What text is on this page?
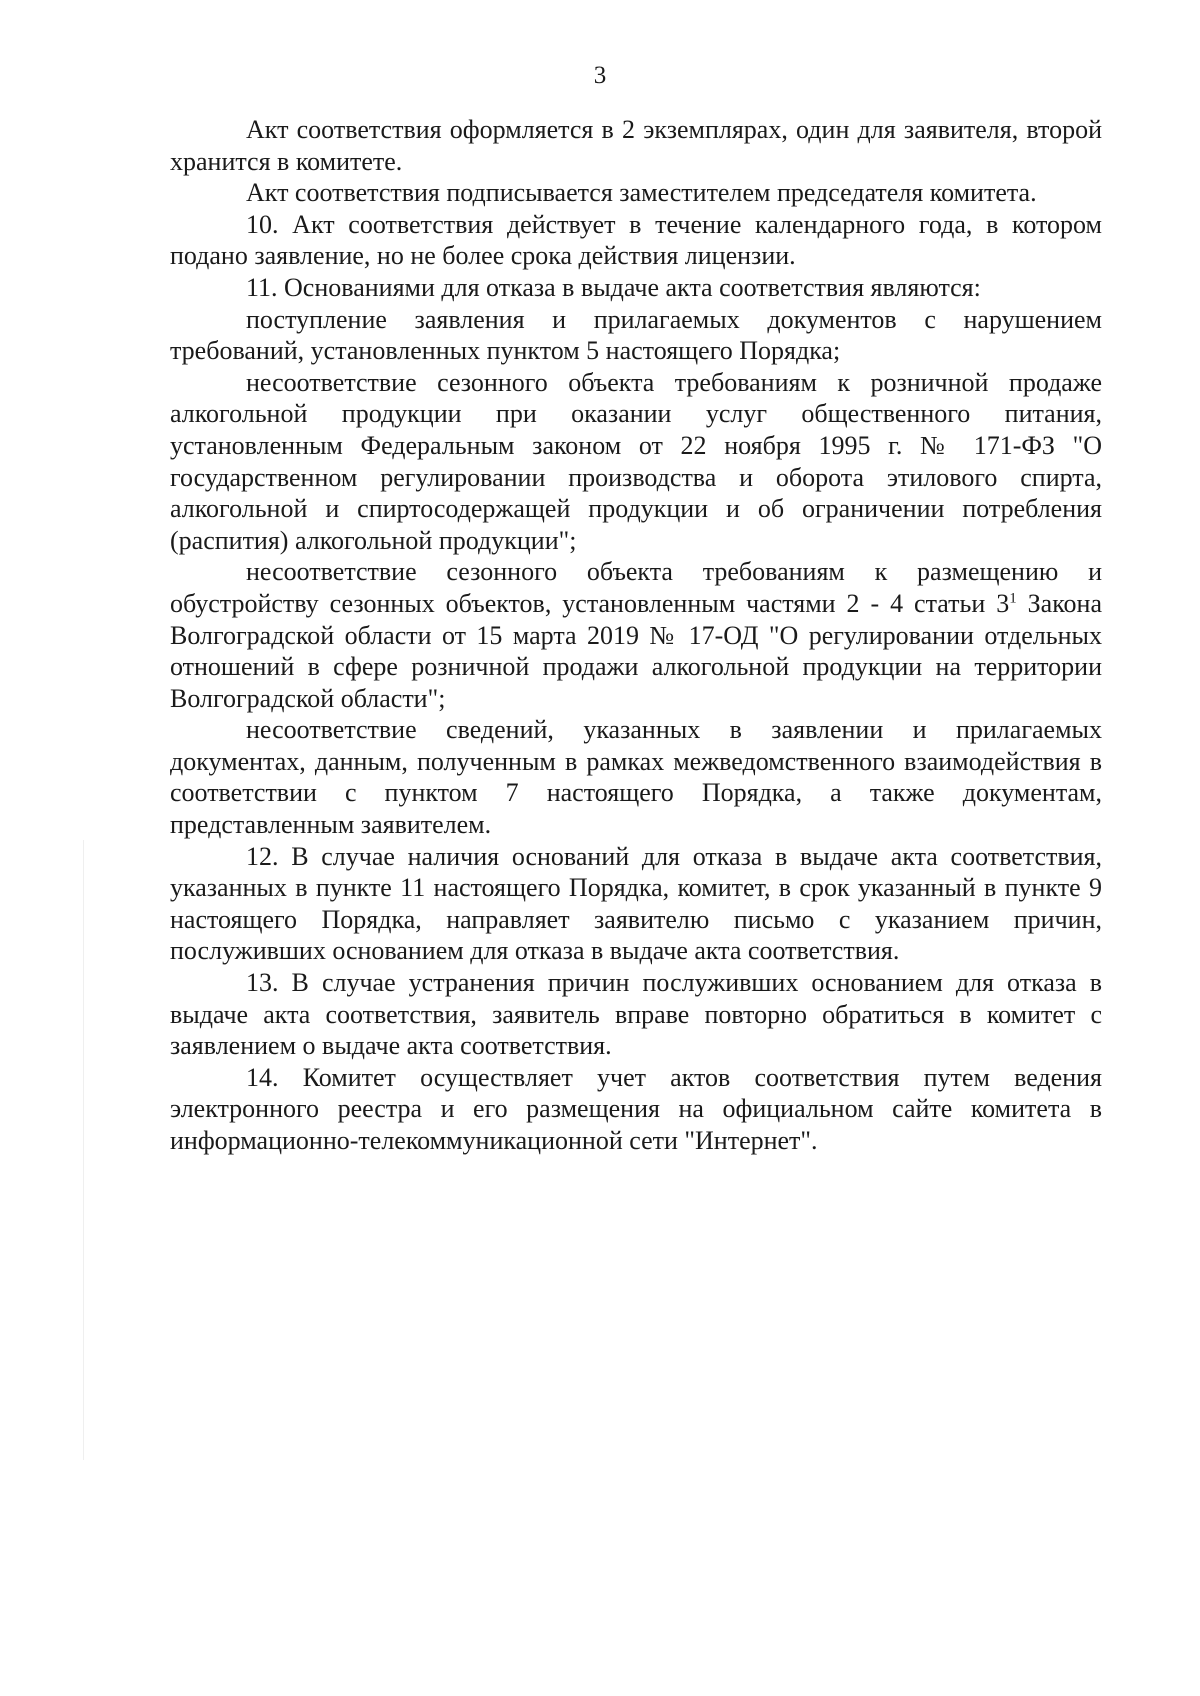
3

Акт соответствия оформляется в 2 экземплярах, один для заявителя, второй хранится в комитете.

Акт соответствия подписывается заместителем председателя комитета.

10. Акт соответствия действует в течение календарного года, в котором подано заявление, но не более срока действия лицензии.

11. Основаниями для отказа в выдаче акта соответствия являются:

поступление заявления и прилагаемых документов с нарушением требований, установленных пунктом 5 настоящего Порядка;

несоответствие сезонного объекта требованиям к розничной продаже алкогольной продукции при оказании услуг общественного питания, установленным Федеральным законом от 22 ноября 1995 г. № 171-ФЗ "О государственном регулировании производства и оборота этилового спирта, алкогольной и спиртосодержащей продукции и об ограничении потребления (распития) алкогольной продукции";

несоответствие сезонного объекта требованиям к размещению и обустройству сезонных объектов, установленным частями 2 - 4 статьи $3^1$ Закона Волгоградской области от 15 марта 2019 № 17-ОД "О регулировании отдельных отношений в сфере розничной продажи алкогольной продукции на территории Волгоградской области";

несоответствие сведений, указанных в заявлении и прилагаемых документах, данным, полученным в рамках межведомственного взаимодействия в соответствии с пунктом 7 настоящего Порядка, а также документам, представленным заявителем.

12. В случае наличия оснований для отказа в выдаче акта соответствия, указанных в пункте 11 настоящего Порядка, комитет, в срок указанный в пункте 9 настоящего Порядка, направляет заявителю письмо с указанием причин, послуживших основанием для отказа в выдаче акта соответствия.

13. В случае устранения причин послуживших основанием для отказа в выдаче акта соответствия, заявитель вправе повторно обратиться в комитет с заявлением о выдаче акта соответствия.

14. Комитет осуществляет учет актов соответствия путем ведения электронного реестра и его размещения на официальном сайте комитета в информационно-телекоммуникационной сети "Интернет".
